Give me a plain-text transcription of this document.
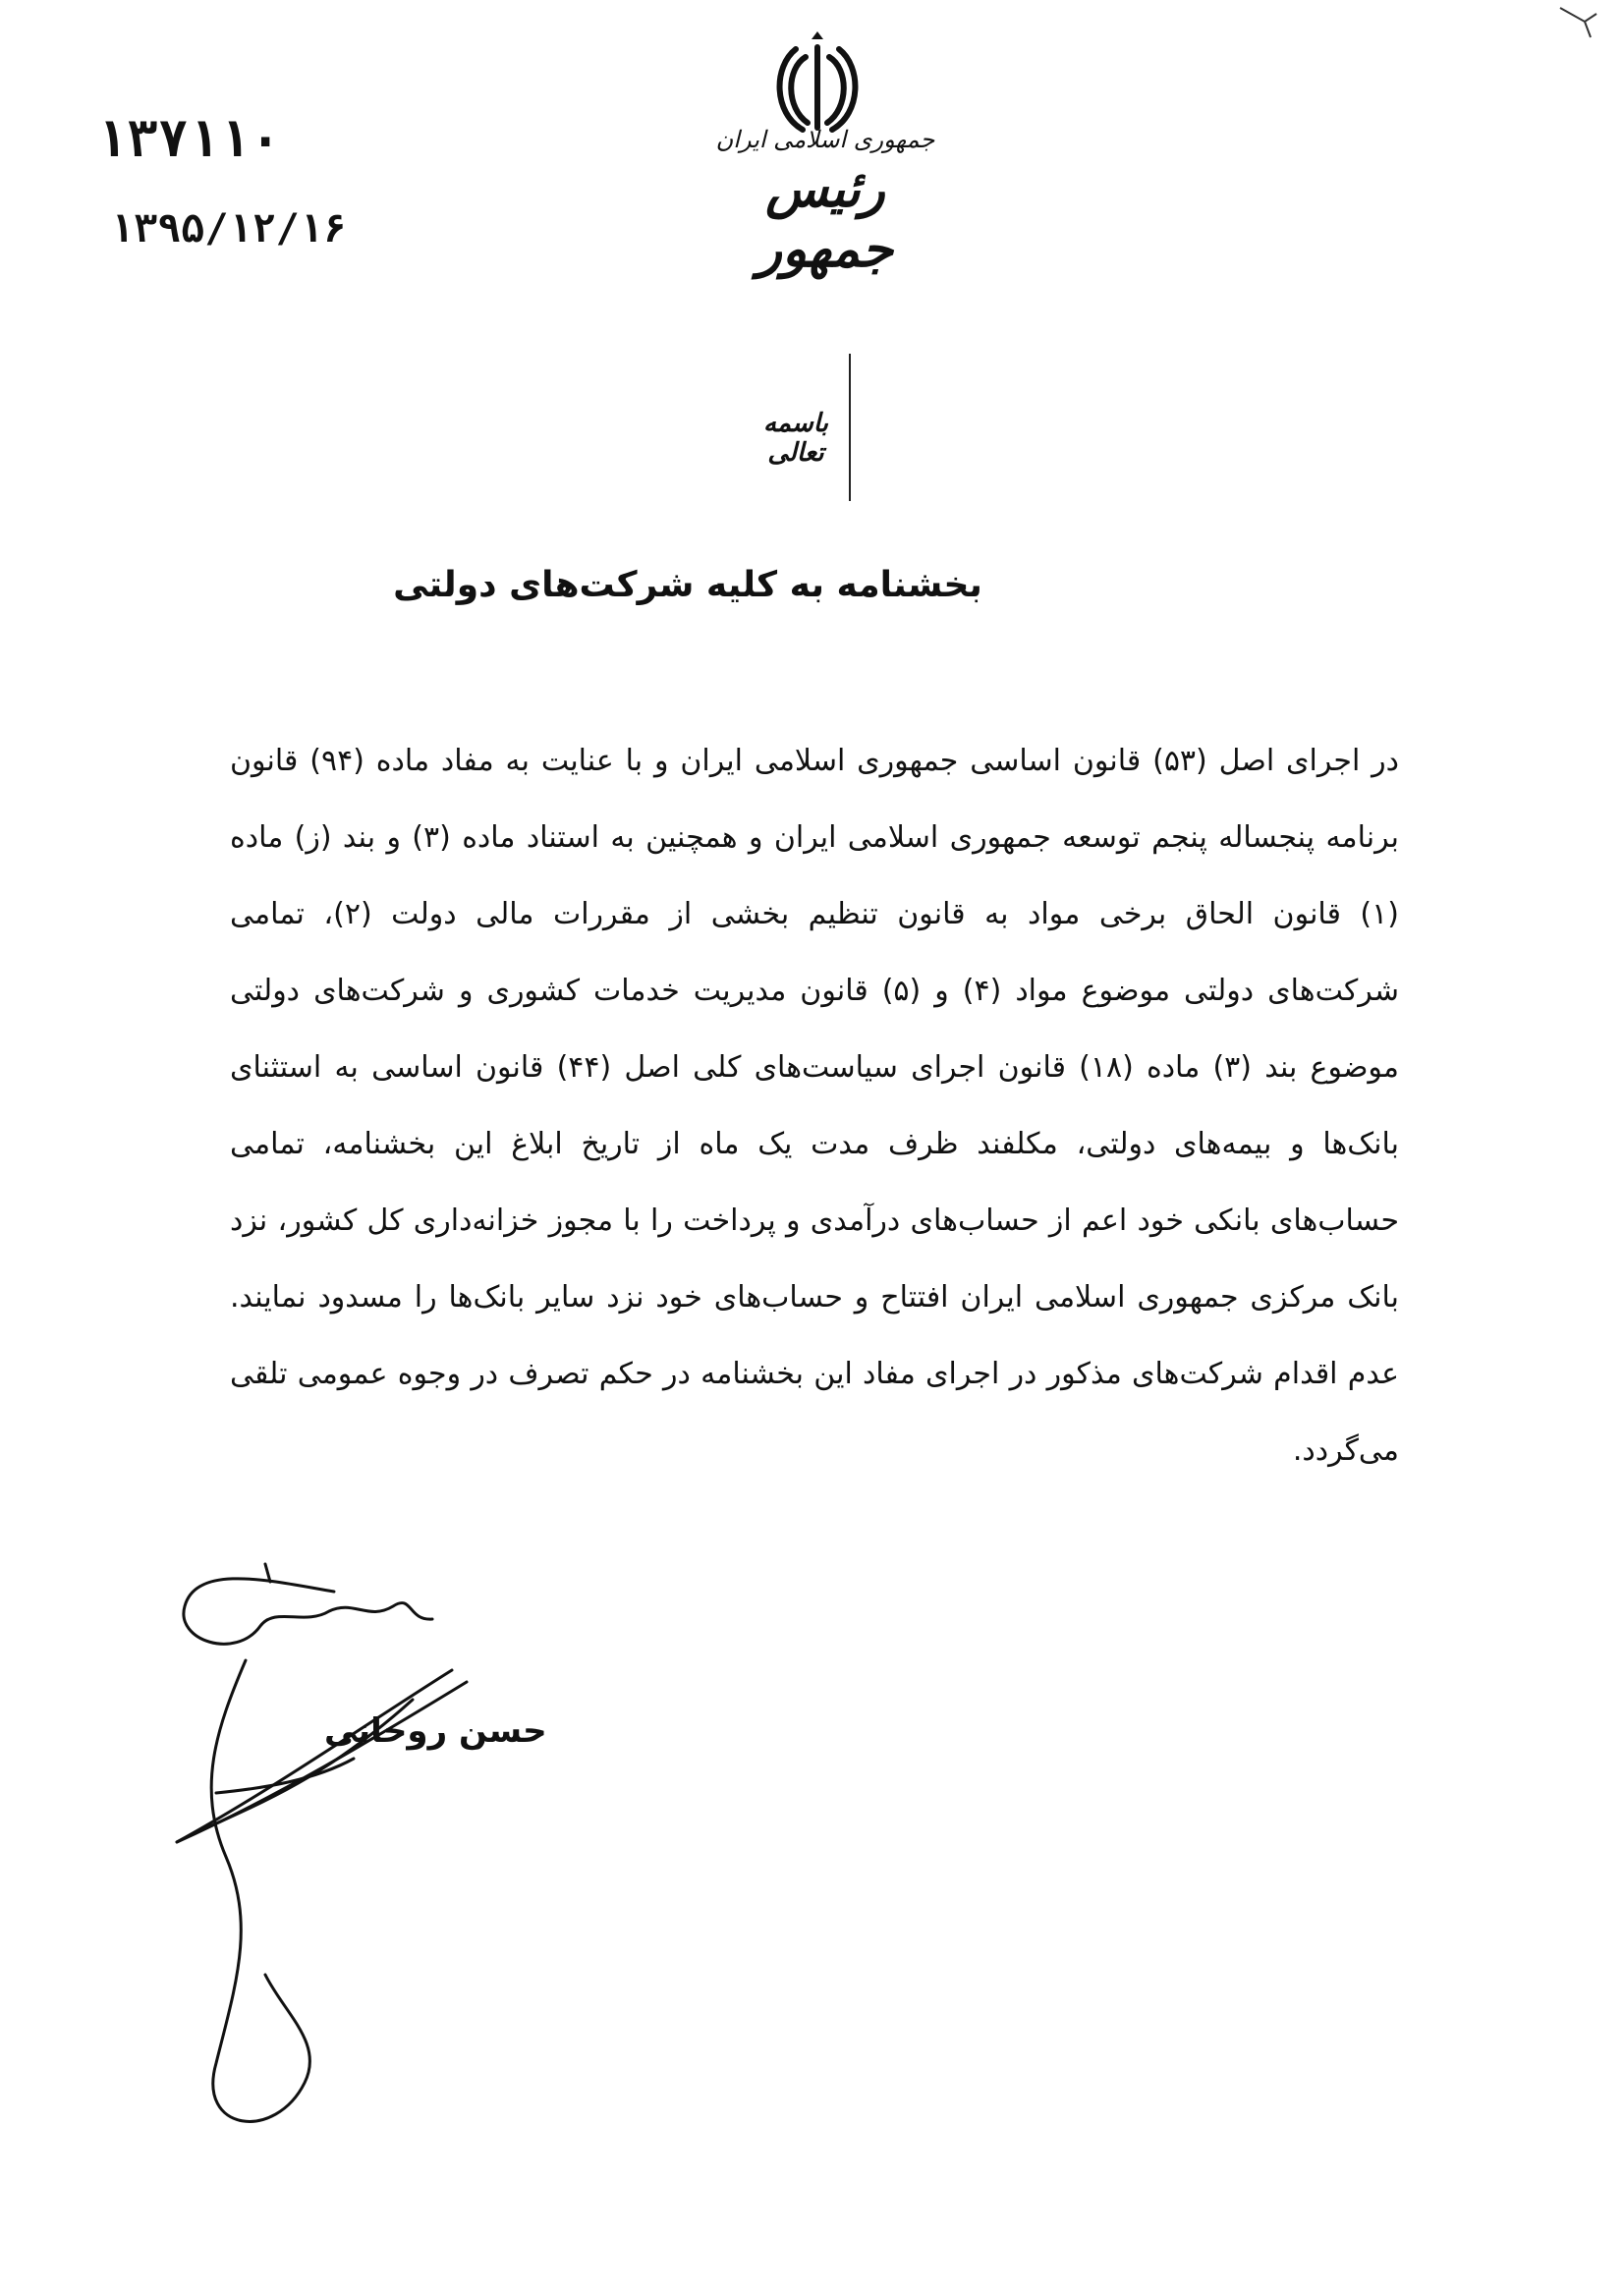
۱۳۷۱۱۰
۱۳۹۵/۱۲/۱۶
جمهوری اسلامی ایران
رئیس جمهور
باسمه تعالی
بخشنامه به کلیه شرکت‌های دولتی
در اجرای اصل (۵۳) قانون اساسی جمهوری اسلامی ایران و با عنایت به مفاد ماده (۹۴) قانون برنامه پنجساله پنجم توسعه جمهوری اسلامی ایران و همچنین به استناد ماده (۳) و بند (ز) ماده (۱) قانون الحاق برخی مواد به قانون تنظیم بخشی از مقررات مالی دولت (۲)، تمامی شرکت‌های دولتی موضوع مواد (۴) و (۵) قانون مدیریت خدمات کشوری و شرکت‌های دولتی موضوع بند (۳) ماده (۱۸) قانون اجرای سیاست‌های کلی اصل (۴۴) قانون اساسی به استثنای بانک‌ها و بیمه‌های دولتی، مکلفند ظرف مدت یک ماه از تاریخ ابلاغ این بخشنامه، تمامی حساب‌های بانکی خود اعم از حساب‌های درآمدی و پرداخت را با مجوز خزانه‌داری کل کشور، نزد بانک مرکزی جمهوری اسلامی ایران افتتاح و حساب‌های خود نزد سایر بانک‌ها را مسدود نمایند. عدم اقدام شرکت‌های مذکور در اجرای مفاد این بخشنامه در حکم تصرف در وجوه عمومی تلقی می‌گردد.
حسن روحانی
